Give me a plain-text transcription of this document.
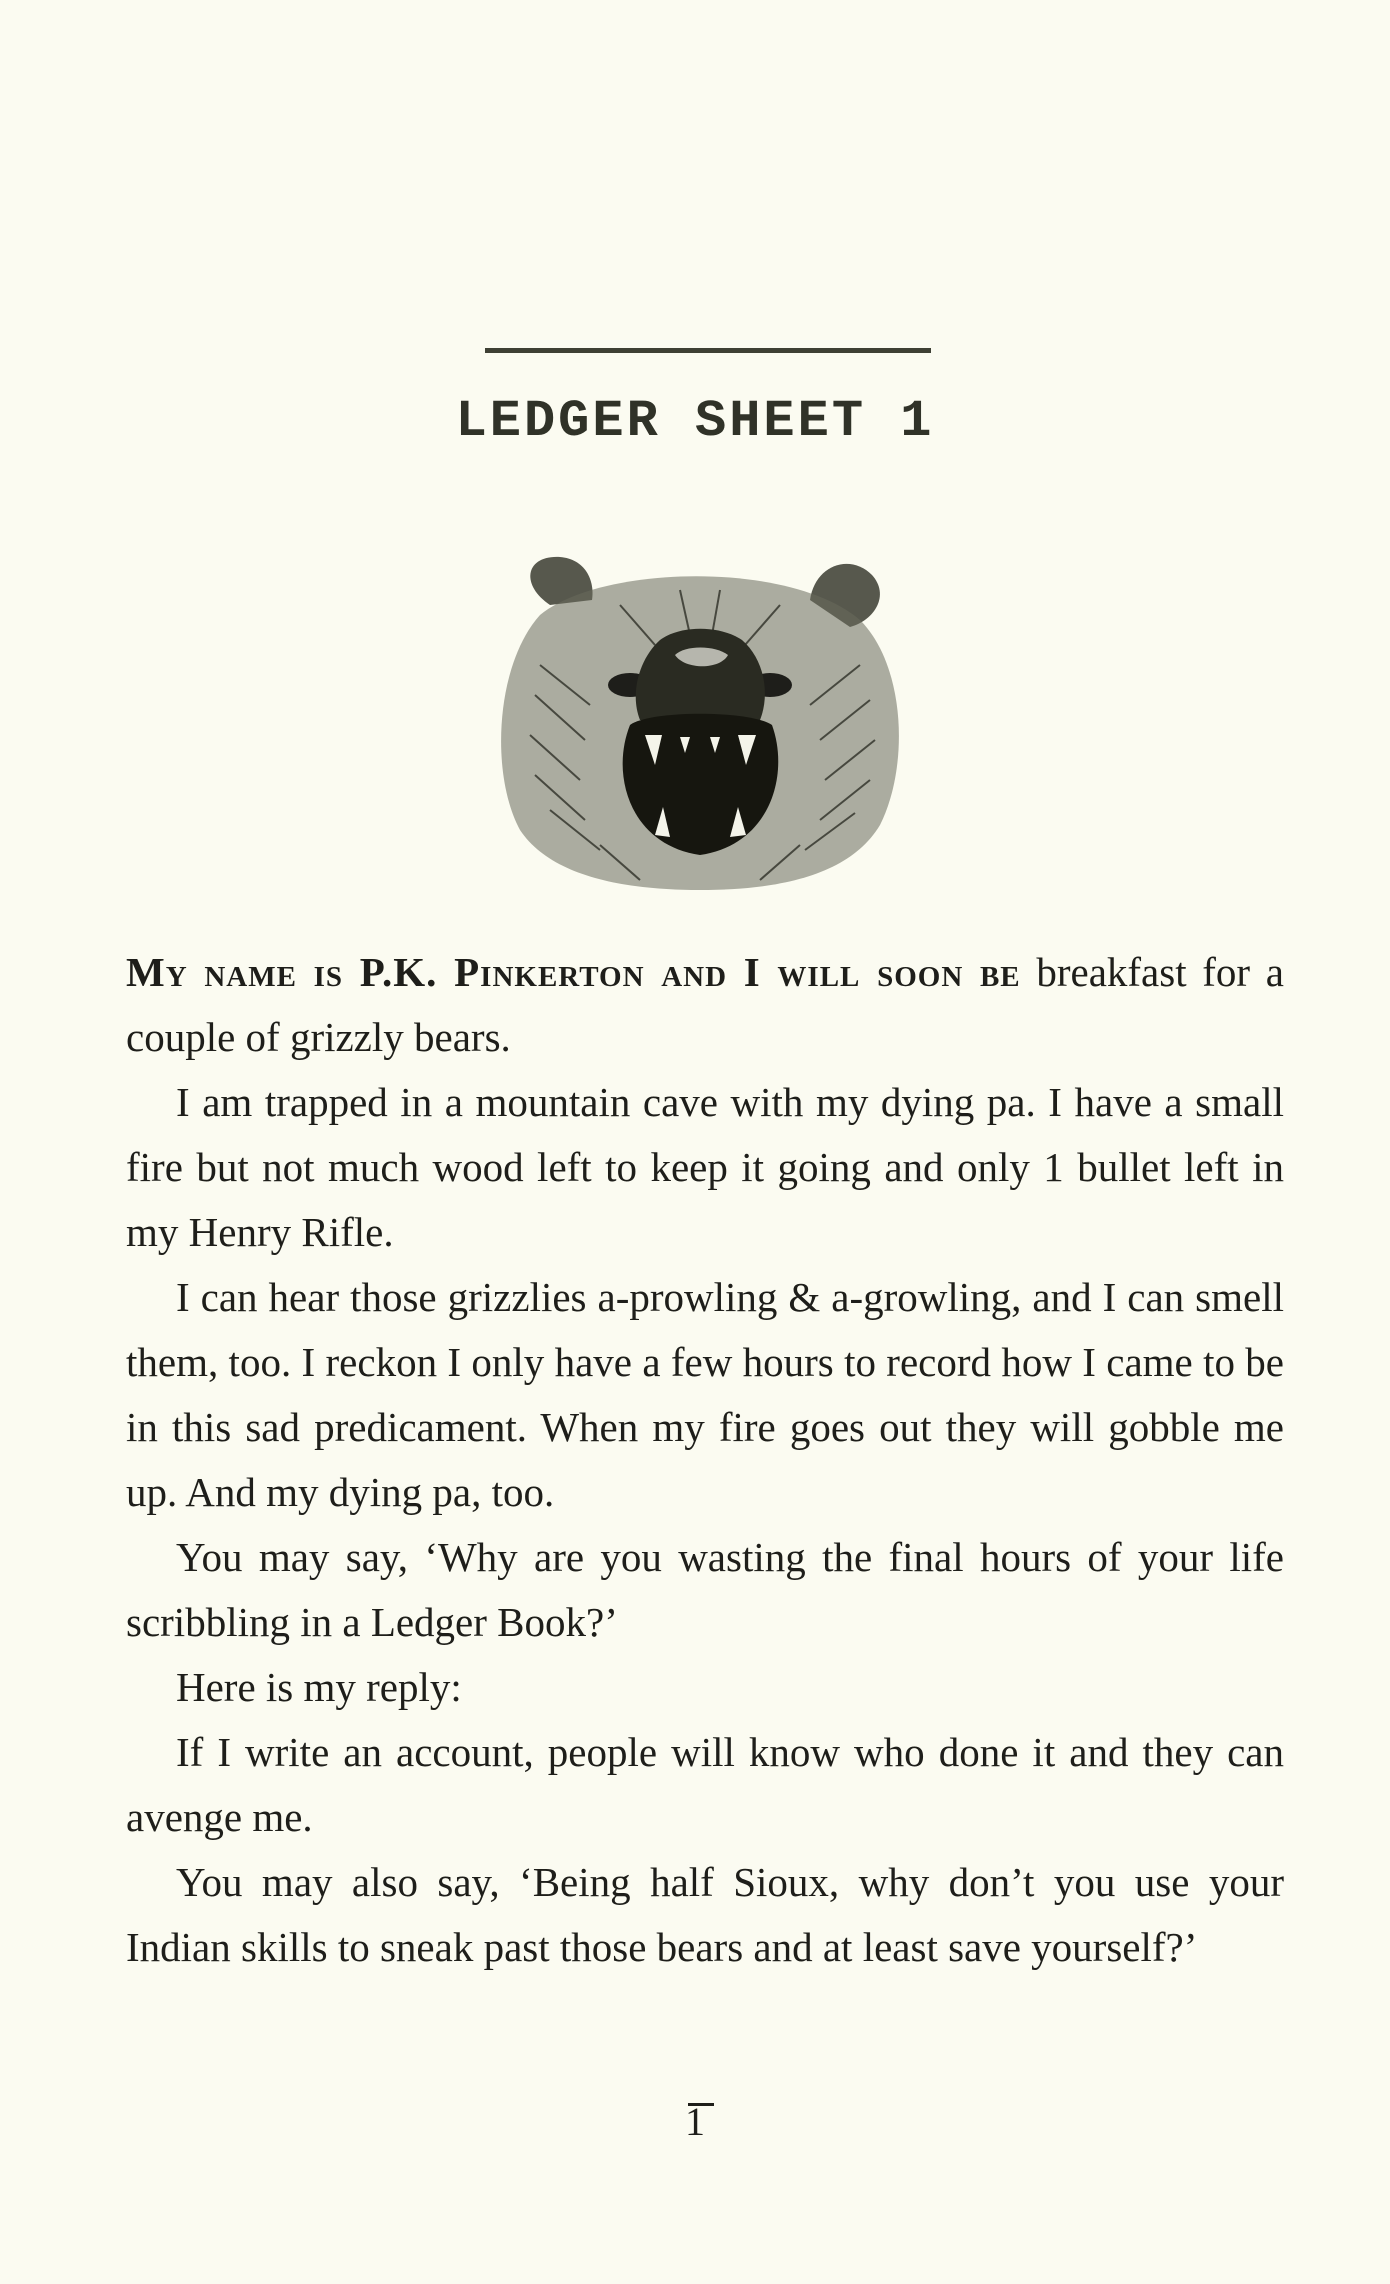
LEDGER SHEET 1

My name is P.K. Pinkerton and I will soon be breakfast for a couple of grizzly bears.

I am trapped in a mountain cave with my dying pa. I have a small fire but not much wood left to keep it going and only 1 bullet left in my Henry Rifle.

I can hear those grizzlies a-prowling & a-growling, and I can smell them, too. I reckon I only have a few hours to record how I came to be in this sad predicament. When my fire goes out they will gobble me up. And my dying pa, too.

You may say, ‘Why are you wasting the final hours of your life scribbling in a Ledger Book?’

Here is my reply:

If I write an account, people will know who done it and they can avenge me.

You may also say, ‘Being half Sioux, why don’t you use your Indian skills to sneak past those bears and at least save yourself?’

1
